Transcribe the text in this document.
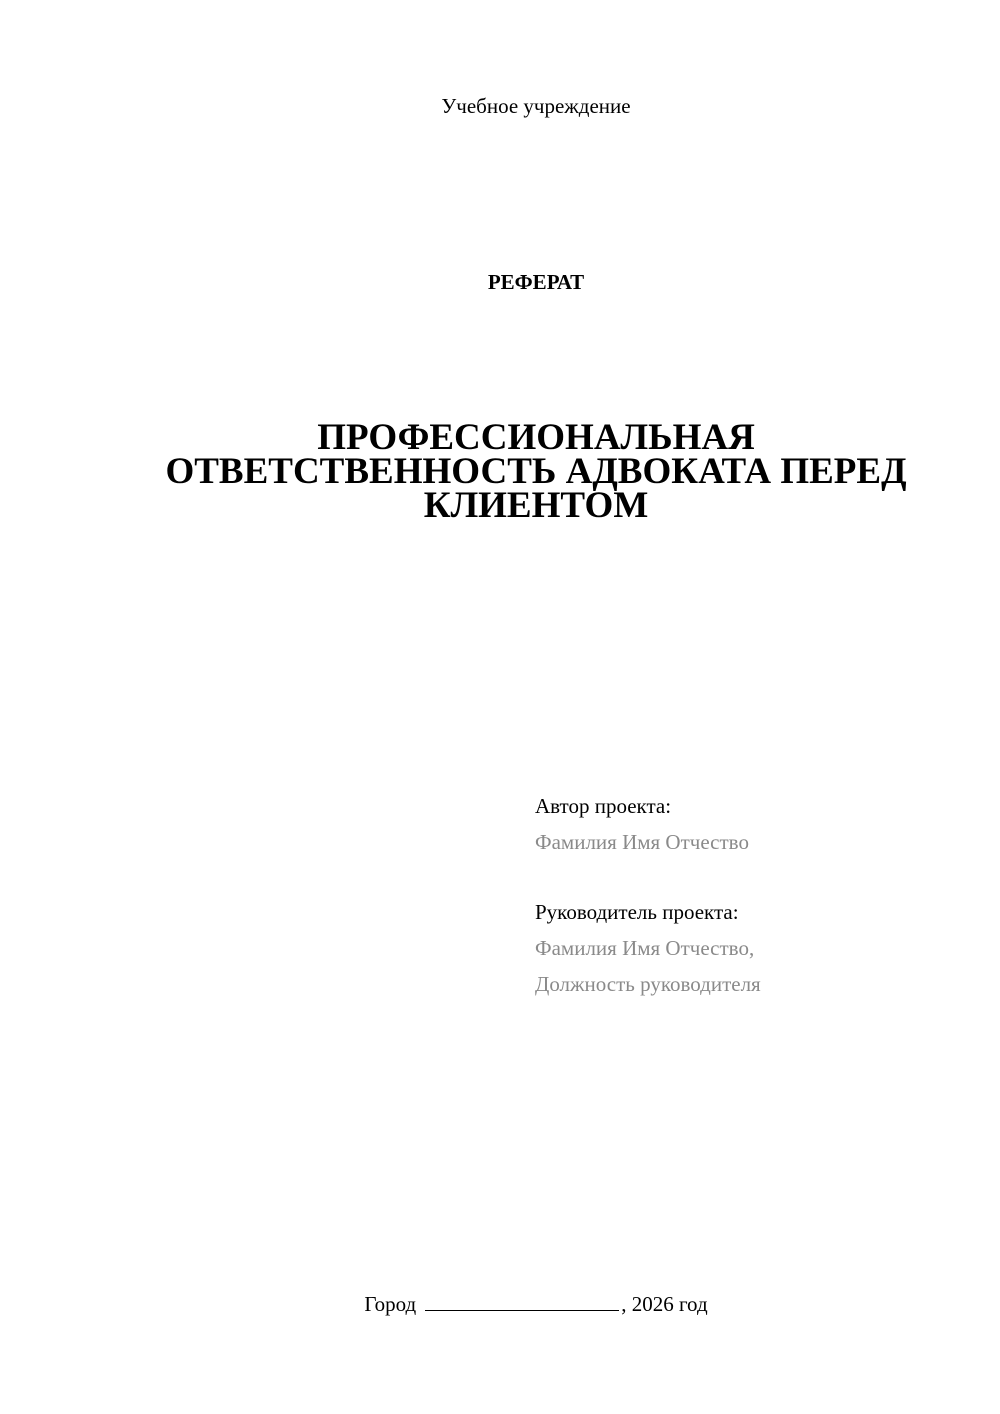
Учебное учреждение
РЕФЕРАТ
ПРОФЕССИОНАЛЬНАЯ
ОТВЕТСТВЕННОСТЬ АДВОКАТА ПЕРЕД
КЛИЕНТОМ
Автор проекта:
Фамилия Имя Отчество
Руководитель проекта:
Фамилия Имя Отчество,
Должность руководителя
Город	, 2026 год
